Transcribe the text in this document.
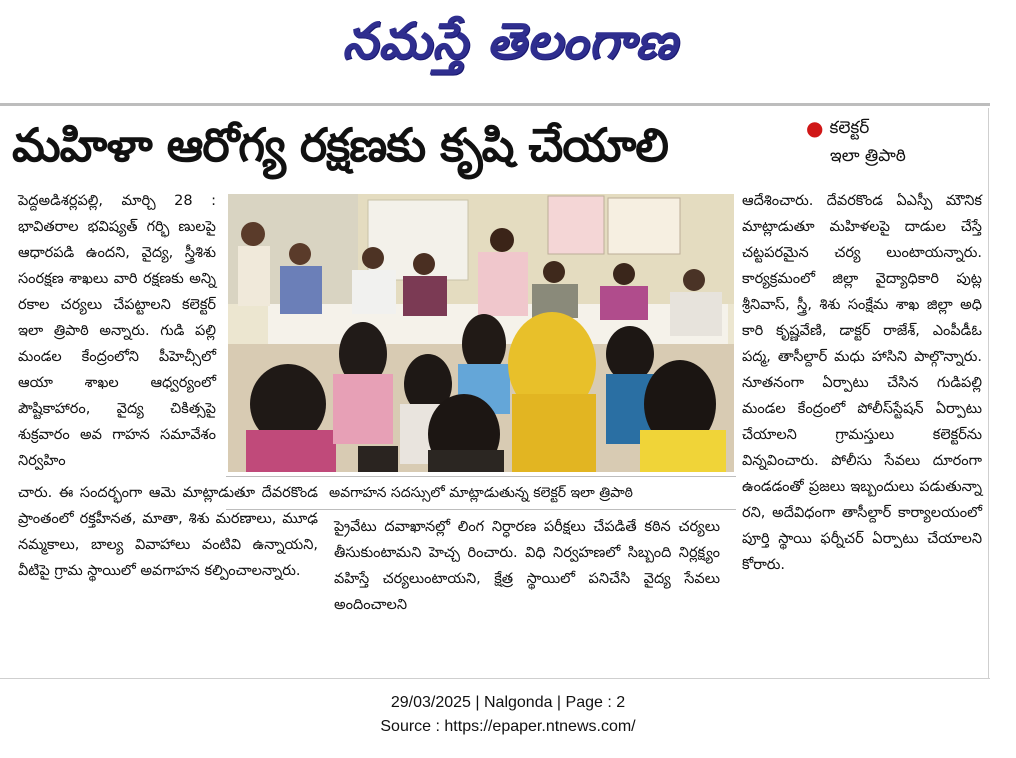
నమస్తే తెలంగాణ
మహిళా ఆరోగ్య రక్షణకు కృషి చేయాలి	● కలెక్టర్
ఇలా త్రిపాఠి

పెద్దఅడిశర్లపల్లి, మార్చి 28 : భావితరాల భవిష్యత్ గర్భి ణులపై ఆధారపడి ఉందని, వైద్య, స్త్రీశిశు సంరక్షణ శాఖలు వారి రక్షణకు అన్ని రకాల చర్యలు చేపట్టాలని కలెక్టర్ ఇలా త్రిపాఠి అన్నారు. గుడి పల్లి మండల కేంద్రంలోని పీహెచ్సీలో ఆయా శాఖల ఆధ్వర్యంలో పౌష్టికాహారం, వైద్య చికిత్సపై శుక్రవారం అవ గాహన సమావేశం నిర్వహిం

చారు. ఈ సందర్భంగా ఆమె మాట్లాడుతూ దేవరకొండ ప్రాంతంలో రక్తహీనత, మాతా, శిశు మరణాలు, మూఢ నమ్మకాలు, బాల్య వివాహాలు వంటివి ఉన్నాయని, వీటిపై గ్రామ స్థాయిలో అవగాహన కల్పించాలన్నారు.

అవగాహన సదస్సులో మాట్లాడుతున్న కలెక్టర్ ఇలా త్రిపాఠి

ప్రైవేటు దవాఖానల్లో లింగ నిర్ధారణ పరీక్షలు చేపడితే కఠిన చర్యలు తీసుకుంటామని హెచ్చ రించారు. విధి నిర్వహణలో సిబ్బంది నిర్లక్ష్యం వహిస్తే చర్యలుంటాయని, క్షేత్ర స్థాయిలో పనిచేసి వైద్య సేవలు అందించాలని

ఆదేశించారు. దేవరకొండ ఏఎస్పీ మౌనిక మాట్లాడుతూ మహిళలపై దాడుల చేస్తే చట్టపరమైన చర్య లుంటాయన్నారు. కార్యక్రమంలో జిల్లా వైద్యాధికారి పుట్ల శ్రీనివాస్, స్త్రీ, శిశు సంక్షేమ శాఖ జిల్లా అధి కారి కృష్ణవేణి, డాక్టర్ రాజేశ్, ఎంపీడీఓ పద్మ, తాసీల్దార్ మధు హాసిని పాల్గొన్నారు. నూతనంగా ఏర్పాటు చేసిన గుడిపల్లి మండల కేంద్రంలో పోలీస్‌స్టేషన్ ఏర్పాటు చేయాలని గ్రామస్తులు కలెక్టర్‌ను విన్నవించారు. పోలీసు సేవలు దూరంగా ఉండడంతో ప్రజలు ఇబ్బందులు పడుతున్నా రని, అదేవిధంగా తాసీల్దార్ కార్యాలయంలో పూర్తి స్థాయి ఫర్నీచర్ ఏర్పాటు చేయాలని కోరారు.

29/03/2025 | Nalgonda | Page : 2
Source : https://epaper.ntnews.com/
